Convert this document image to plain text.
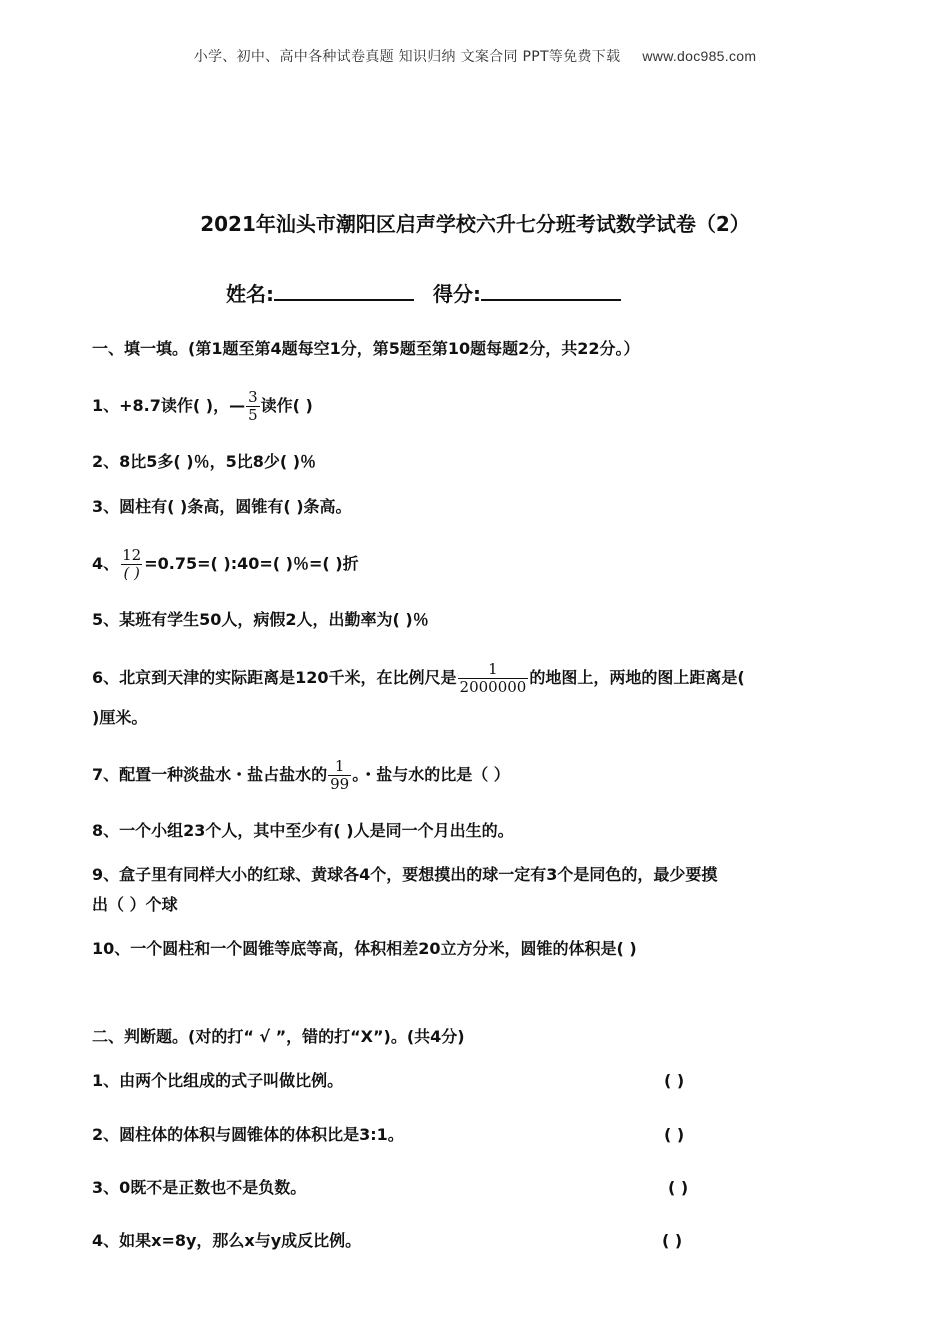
小学、初中、高中各种试卷真题 知识归纳 文案合同 PPT等免费下载 www.doc985.com
2021年汕头市潮阳区启声学校六升七分班考试数学试卷（2）
姓名:	得分:
一、填一填。(第1题至第4题每空1分，第5题至第10题每题2分，共22分。）
1、+8.7读作( )，— $\frac{3}{5}$ 读作( )
2、8比5多( )％，5比8少( )％
3、圆柱有( )条高，圆锥有( )条高。
4、 $\frac{12}{( )} =0.75=$( ):40=( )％=( )折
5、某班有学生50人，病假2人，出勤率为( )％
6、北京到天津的实际距离是120千米，在比例尺是 $\frac{1}{2000000}$ 的地图上，两地的图上距离是(
)厘米。
7、配置一种淡盐水・盐占盐水的 $\frac{1}{99}$ 。・盐与水的比是（ ）
8、一个小组23个人，其中至少有( )人是同一个月出生的。
9、盒子里有同样大小的红球、黄球各4个，要想摸出的球一定有3个是同色的，最少要摸
出（ ）个球
10、一个圆柱和一个圆锥等底等高，体积相差20立方分米，圆锥的体积是( )
二、判断题。(对的打“ √ ”，错的打“X”)。(共4分)
1、由两个比组成的式子叫做比例。	( )
2、圆柱体的体积与圆锥体的体积比是3:1。	( )
3、0既不是正数也不是负数。	( )
4、如果x=8y，那么x与y成反比例。	( )
